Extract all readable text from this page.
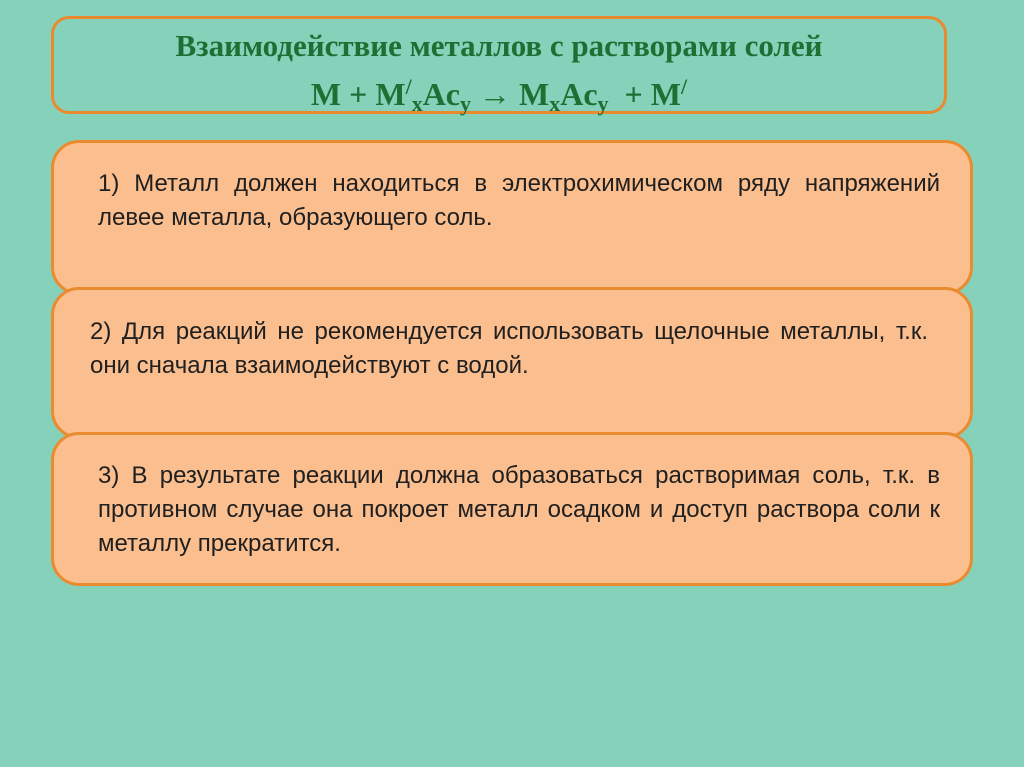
Взаимодействие металлов с растворами солей
$M + M^/_xAc_y \to M_xAc_y + M^/$
1) Металл должен находиться в электрохимическом ряду напряжений левее металла, образующего соль.
2) Для реакций не рекомендуется использовать щелочные металлы, т.к. они сначала взаимодействуют с водой.
3) В результате реакции должна образоваться растворимая соль, т.к. в противном случае она покроет металл осадком и доступ раствора соли к металлу прекратится.
